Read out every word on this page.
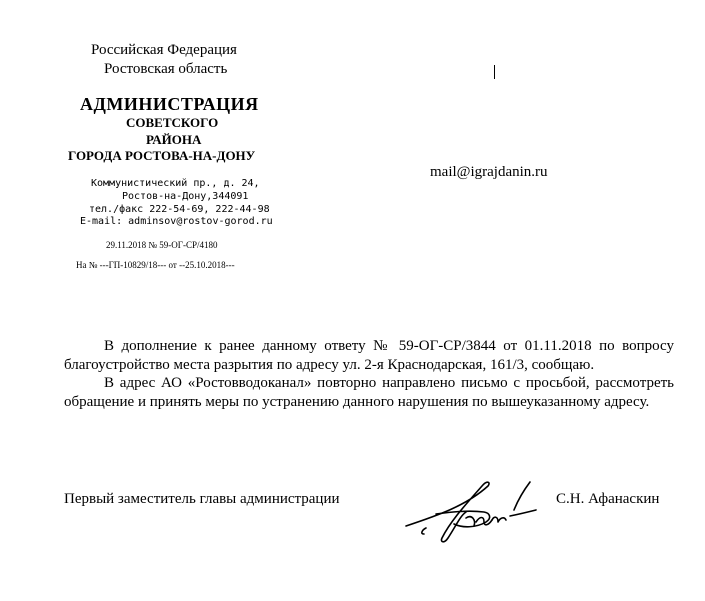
Российская Федерация
Ростовская область
АДМИНИСТРАЦИЯ
СОВЕТСКОГО
РАЙОНА
ГОРОДА РОСТОВА-НА-ДОНУ
Коммунистический пр., д. 24,
Ростов-на-Дону,344091
тел./факс 222-54-69, 222-44-98
E-mail: adminsov@rostov-gorod.ru
29.11.2018 № 59-ОГ-СР/4180
На № ---ГП-10829/18--- от --25.10.2018---
mail@igrajdanin.ru

В дополнение к ранее данному ответу № 59-ОГ-СР/3844 от 01.11.2018 по вопросу благоустройство места разрытия по адресу ул. 2-я Краснодарская, 161/3, сообщаю.

В адрес АО «Ростовводоканал» повторно направлено письмо с просьбой, рассмотреть обращение и принять меры по устранению данного нарушения по вышеуказанному адресу.

Первый заместитель главы администрации	С.Н. Афанаскин
